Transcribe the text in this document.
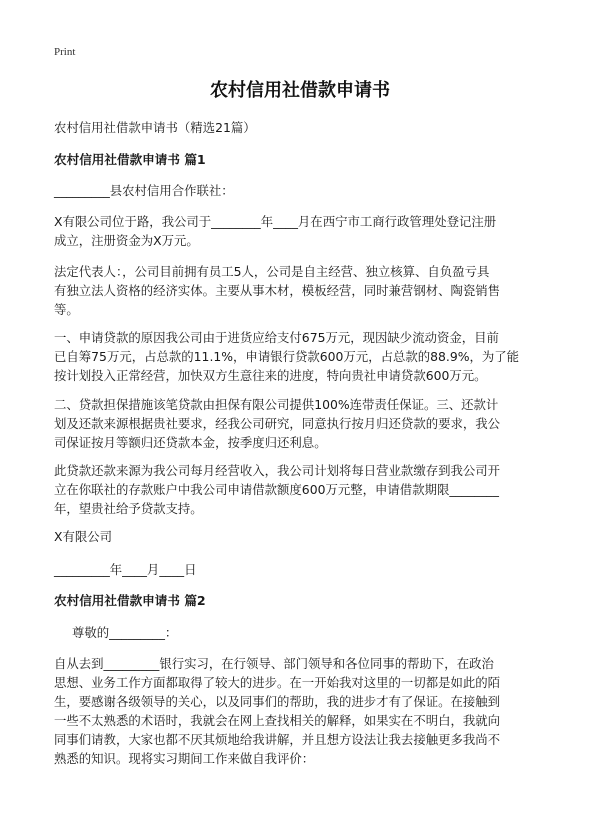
Print
农村信用社借款申请书
农村信用社借款申请书（精选21篇）
农村信用社借款申请书 篇1
_________县农村信用合作联社：
X有限公司位于路，我公司于________年____月在西宁市工商行政管理处登记注册
成立，注册资金为X万元。
法定代表人：，公司目前拥有员工5人，公司是自主经营、独立核算、自负盈亏具
有独立法人资格的经济实体。主要从事木材，模板经营，同时兼营钢材、陶瓷销售
等。
一、申请贷款的原因我公司由于进货应给支付675万元，现因缺少流动资金，目前
已自筹75万元，占总款的11.1%，申请银行贷款600万元，占总款的88.9%，为了能
按计划投入正常经营，加快双方生意往来的进度，特向贵社申请贷款600万元。
二、贷款担保措施该笔贷款由担保有限公司提供100%连带责任保证。三、还款计
划及还款来源根据贵社要求，经我公司研究，同意执行按月归还贷款的要求，我公
司保证按月等额归还贷款本金，按季度归还利息。
此贷款还款来源为我公司每月经营收入，我公司计划将每日营业款缴存到我公司开
立在你联社的存款账户中我公司申请借款额度600万元整，申请借款期限________
年，望贵社给予贷款支持。
X有限公司
_________年____月____日
农村信用社借款申请书 篇2
尊敬的_________：
自从去到_________银行实习，在行领导、部门领导和各位同事的帮助下，在政治
思想、业务工作方面都取得了较大的进步。在一开始我对这里的一切都是如此的陌
生，要感谢各级领导的关心，以及同事们的帮助，我的进步才有了保证。在接触到
一些不太熟悉的术语时，我就会在网上查找相关的解释，如果实在不明白，我就向
同事们请教，大家也都不厌其烦地给我讲解，并且想方设法让我去接触更多我尚不
熟悉的知识。现将实习期间工作来做自我评价：
